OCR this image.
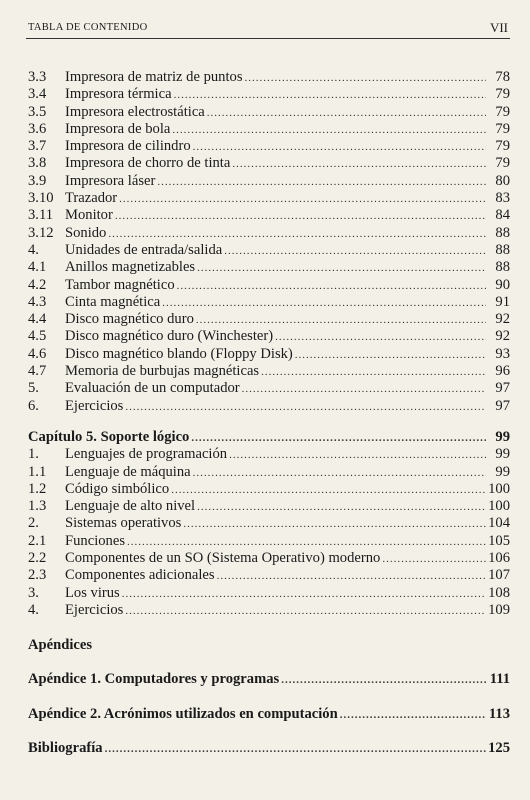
TABLA DE CONTENIDO	VII
3.3	Impresora de matriz de puntos .....	78
3.4	Impresora térmica .....	79
3.5	Impresora electrostática .....	79
3.6	Impresora de bola .....	79
3.7	Impresora de cilindro .....	79
3.8	Impresora de chorro de tinta .....	79
3.9	Impresora láser .....	80
3.10 Trazador .....	83
3.11 Monitor .....	84
3.12 Sonido .....	88
4.	Unidades de entrada/salida .....	88
4.1	Anillos magnetizables .....	88
4.2	Tambor magnético .....	90
4.3	Cinta magnética .....	91
4.4	Disco magnético duro .....	92
4.5	Disco magnético duro (Winchester) .....	92
4.6	Disco magnético blando (Floppy Disk) .....	93
4.7	Memoria de burbujas magnéticas .....	96
5.	Evaluación de un computador .....	97
6.	Ejercicios .....	97
Capítulo 5. Soporte lógico .....	99
1.	Lenguajes de programación .....	99
1.1	Lenguaje de máquina .....	99
1.2	Código simbólico .....	100
1.3	Lenguaje de alto nivel .....	100
2.	Sistemas operativos .....	104
2.1	Funciones .....	105
2.2	Componentes de un SO (Sistema Operativo) moderno .....	106
2.3	Componentes adicionales .....	107
3.	Los virus .....	108
4.	Ejercicios .....	109
Apéndices
Apéndice 1. Computadores y programas .....	111
Apéndice 2. Acrónimos utilizados en computación .....	113
Bibliografía .....	125
